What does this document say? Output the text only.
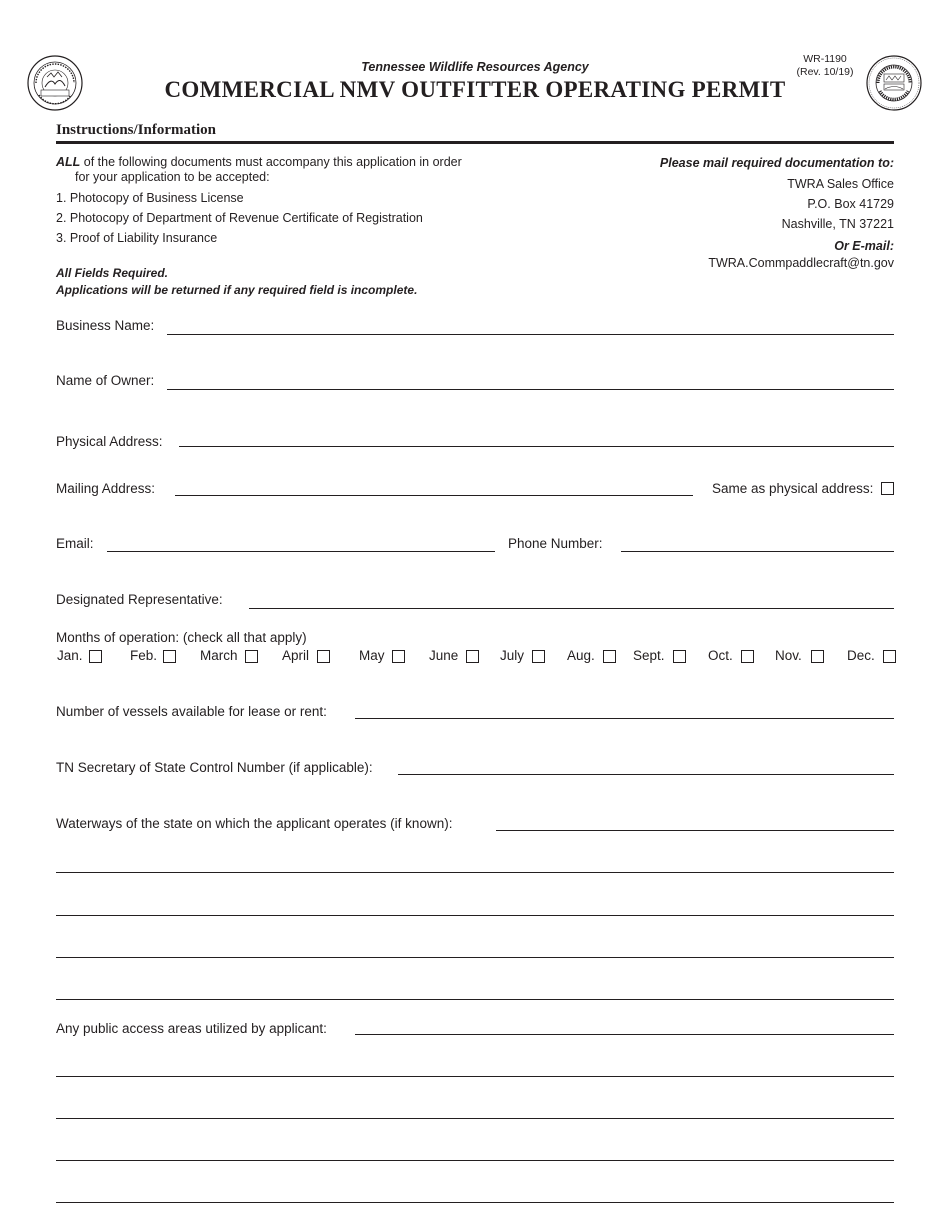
Tennessee Wildlife Resources Agency
COMMERCIAL NMV OUTFITTER OPERATING PERMIT
WR-1190
(Rev. 10/19)
Instructions/Information
ALL of the following documents must accompany this application in order
for your application to be accepted:
1. Photocopy of Business License
2. Photocopy of Department of Revenue Certificate of Registration
3. Proof of Liability Insurance
All Fields Required.
Applications will be returned if any required field is incomplete.
Please mail required documentation to:
TWRA Sales Office
P.O. Box 41729
Nashville, TN 37221
Or E-mail:
TWRA.Commpaddlecraft@tn.gov
Business Name:
Name of Owner:
Physical Address:
Mailing Address:	Same as physical address:
Email:	Phone Number:
Designated Representative:
Months of operation: (check all that apply)
Jan.	Feb.	March	April	May	June	July	Aug.	Sept.	Oct.	Nov.	Dec.
Number of vessels available for lease or rent:
TN Secretary of State Control Number (if applicable):
Waterways of the state on which the applicant operates (if known):
Any public access areas utilized by applicant:
